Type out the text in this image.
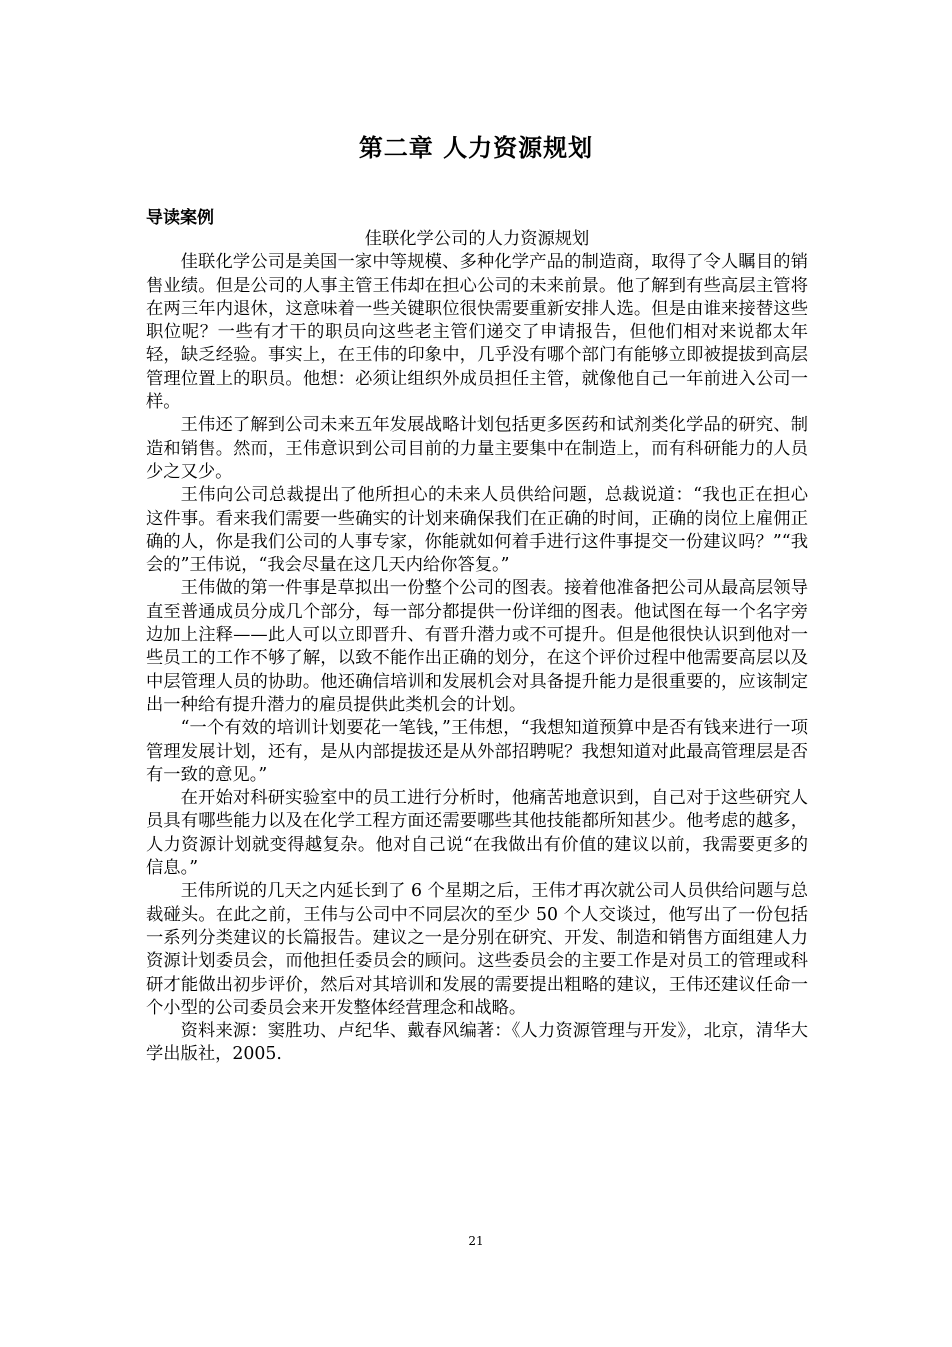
第二章 人力资源规划
导读案例

佳联化学公司的人力资源规划

佳联化学公司是美国一家中等规模、多种化学产品的制造商，取得了令人瞩目的销售业绩。但是公司的人事主管王伟却在担心公司的未来前景。他了解到有些高层主管将在两三年内退休，这意味着一些关键职位很快需要重新安排人选。但是由谁来接替这些职位呢？一些有才干的职员向这些老主管们递交了申请报告，但他们相对来说都太年轻，缺乏经验。事实上，在王伟的印象中，几乎没有哪个部门有能够立即被提拔到高层管理位置上的职员。他想：必须让组织外成员担任主管，就像他自己一年前进入公司一样。

王伟还了解到公司未来五年发展战略计划包括更多医药和试剂类化学品的研究、制造和销售。然而，王伟意识到公司目前的力量主要集中在制造上，而有科研能力的人员少之又少。

王伟向公司总裁提出了他所担心的未来人员供给问题，总裁说道：“我也正在担心这件事。看来我们需要一些确实的计划来确保我们在正确的时间，正确的岗位上雇佣正确的人，你是我们公司的人事专家，你能就如何着手进行这件事提交一份建议吗？”“我会的”王伟说，“我会尽量在这几天内给你答复。”

王伟做的第一件事是草拟出一份整个公司的图表。接着他准备把公司从最高层领导直至普通成员分成几个部分，每一部分都提供一份详细的图表。他试图在每一个名字旁边加上注释——此人可以立即晋升、有晋升潜力或不可提升。但是他很快认识到他对一些员工的工作不够了解，以致不能作出正确的划分，在这个评价过程中他需要高层以及中层管理人员的协助。他还确信培训和发展机会对具备提升能力是很重要的，应该制定出一种给有提升潜力的雇员提供此类机会的计划。

“一个有效的培训计划要花一笔钱，”王伟想，“我想知道预算中是否有钱来进行一项管理发展计划，还有，是从内部提拔还是从外部招聘呢？我想知道对此最高管理层是否有一致的意见。”

在开始对科研实验室中的员工进行分析时，他痛苦地意识到，自己对于这些研究人员具有哪些能力以及在化学工程方面还需要哪些其他技能都所知甚少。他考虑的越多，人力资源计划就变得越复杂。他对自己说“在我做出有价值的建议以前，我需要更多的信息。”

王伟所说的几天之内延长到了 6 个星期之后，王伟才再次就公司人员供给问题与总裁碰头。在此之前，王伟与公司中不同层次的至少 50 个人交谈过，他写出了一份包括一系列分类建议的长篇报告。建议之一是分别在研究、开发、制造和销售方面组建人力资源计划委员会，而他担任委员会的顾问。这些委员会的主要工作是对员工的管理或科研才能做出初步评价，然后对其培训和发展的需要提出粗略的建议，王伟还建议任命一个小型的公司委员会来开发整体经营理念和战略。

资料来源：窦胜功、卢纪华、戴春风编著：《人力资源管理与开发》，北京，清华大学出版社，2005.

21
